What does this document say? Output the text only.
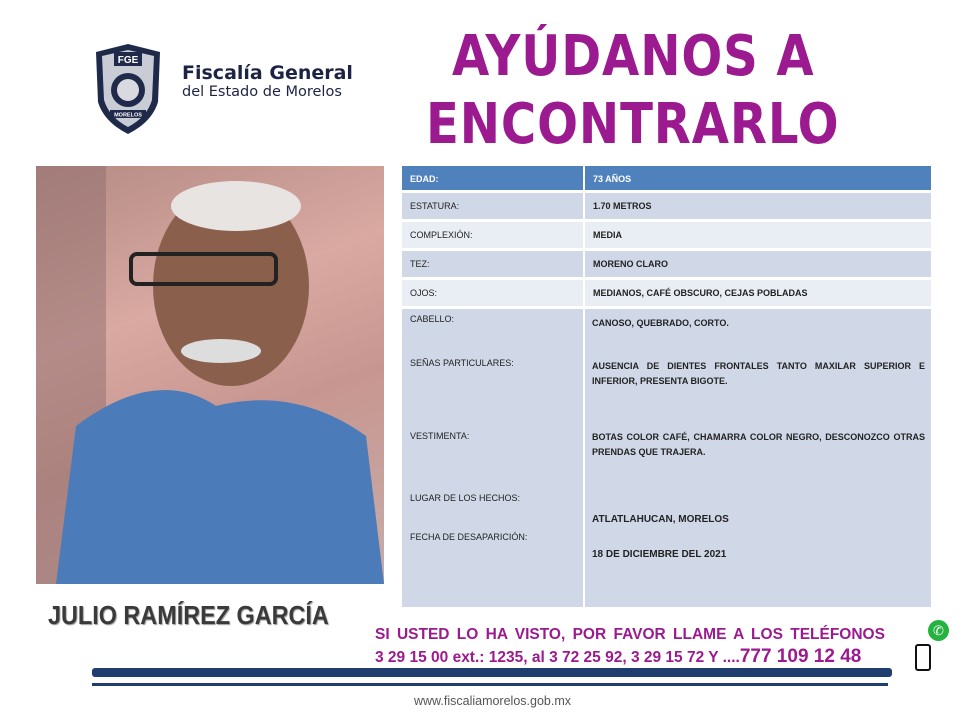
FGE
MORELOS
Fiscalía General
del Estado de Morelos
AYÚDANOS A
ENCONTRARLO
JULIO RAMÍREZ GARCÍA
EDAD:	73 AÑOS
ESTATURA:	1.70 METROS
COMPLEXIÓN:	MEDIA
TEZ:	MORENO CLARO
OJOS:	MEDIANOS, CAFÉ OBSCURO, CEJAS POBLADAS

CABELLO:	CANOSO, QUEBRADO, CORTO.
SEÑAS PARTICULARES:	AUSENCIA DE DIENTES FRONTALES TANTO MAXILAR SUPERIOR E INFERIOR, PRESENTA BIGOTE.
VESTIMENTA:	BOTAS COLOR CAFÉ, CHAMARRA COLOR NEGRO, DESCONOZCO OTRAS PRENDAS QUE TRAJERA.
LUGAR DE LOS HECHOS:
ATLATLAHUCAN, MORELOS
FECHA DE DESAPARICIÓN:
18 DE DICIEMBRE DEL 2021
SI USTED LO HA VISTO, POR FAVOR LLAME A LOS TELÉFONOS
3 29 15 00 ext.: 1235, al 3 72 25 92, 3 29 15 72 Y ....777 109 12 48
✆
www.fiscaliamorelos.gob.mx
